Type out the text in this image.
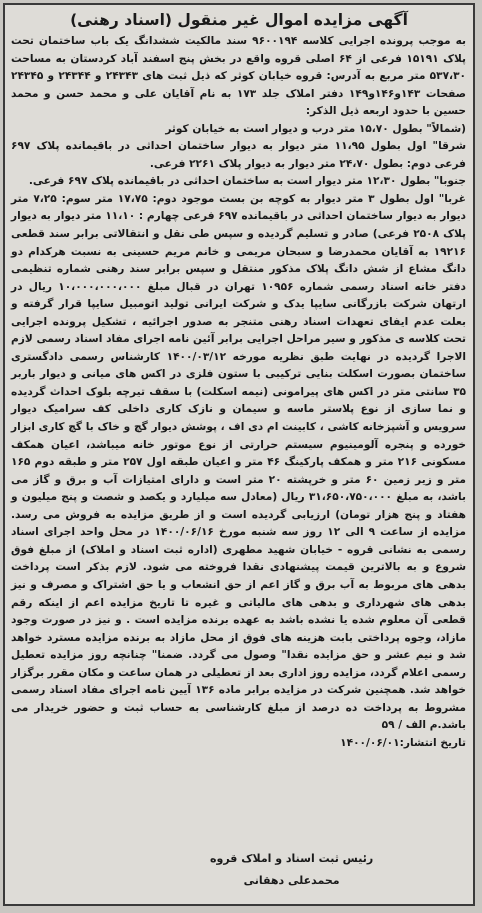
آگهی مزایده اموال غیر منقول (اسناد رهنی)

به موجب پرونده اجرایی کلاسه ۹۶۰۰۱۹۴ سند مالکیت ششدانگ یک باب ساختمان تحت پلاک ۱۵۱۹۱ فرعی از ۶۴ اصلی قروه واقع در بخش پنج اسفند آباد کردستان به مساحت ۵۳۷،۳۰ متر مربع به آدرس: قروه خیابان کوثر که ذیل ثبت های ۲۴۳۴۳ و ۲۴۳۴۴ و ۲۴۳۴۵ صفحات ۱۴۳و۱۴۶و۱۴۹ دفتر املاک جلد ۱۷۳ به نام آقایان علی و محمد حسن و محمد حسین با حدود اربعه ذیل الذکر:

(شمالاً" بطول ۱۵،۷۰ متر درب و دیوار است به خیابان کوثر

شرقا" اول بطول ۱۱،۹۵ متر دیوار به دیوار ساختمان احداثی در باقیمانده پلاک ۶۹۷ فرعی دوم: بطول ۲۴،۷۰ متر دیوار به دیوار پلاک ۲۲۶۱ فرعی.

جنوبا" بطول ۱۲،۳۰ متر دیوار است به ساختمان احداثی در باقیمانده پلاک ۶۹۷ فرعی.

غربا" اول بطول ۳ متر دیوار به کوچه بن بست موجود دوم: ۱۷،۷۵ متر سوم: ۷،۲۵ متر دیوار به دیوار ساختمان احداثی در باقیمانده ۶۹۷ فرعی چهارم : ۱۱،۱۰ متر دیوار به دیوار پلاک ۲۵۰۸ فرعی) صادر و تسلیم گردیده و سپس طی نقل و انتقالاتی برابر سند قطعی ۱۹۲۱۶ به آقایان محمدرضا و سبحان مریمی و خانم مریم حسینی به نسبت هرکدام دو دانگ مشاع از شش دانگ پلاک مذکور منتقل و سپس برابر سند رهنی شماره تنظیمی دفتر خانه اسناد رسمی شماره ۱۰۹۵۶ تهران در قبال مبلغ ۱۰،۰۰۰،۰۰۰،۰۰۰ ریال در ارتهان شرکت بازرگانی سایپا یدک و شرکت ایرانی تولید اتومبیل سایپا قرار گرفته و بعلت عدم ایفای تعهدات اسناد رهنی متنجر به صدور اجرائیه ، تشکیل پرونده اجرایی تحت کلاسه ی مذکور و سیر مراحل اجرایی برابر آئین نامه اجرای مفاد اسناد رسمی لازم الاجرا گردیده در نهایت طبق نظریه مورخه ۱۴۰۰/۰۳/۱۲ کارشناس رسمی دادگستری ساختمان بصورت اسکلت بنایی ترکیبی با ستون فلزی در اکس های میانی و دیوار باربر ۳۵ سانتی متر در اکس های پیرامونی (نیمه اسکلت) با سقف تیرچه بلوک احداث گردیده و نما سازی از نوع پلاستر ماسه و سیمان و نازک کاری داخلی کف سرامیک دیوار سرویس و آشپزخانه کاشی ، کابینت ام دی اف ، پوشش دیوار گچ و خاک با گچ کاری ابزار خورده و پنجره آلومینیوم سیستم حرارتی از نوع موتور خانه میباشد، اعیان همکف مسکونی ۲۱۶ متر و همکف پارکینگ ۴۶ متر و اعیان طبقه اول ۲۵۷ متر و طبقه دوم ۱۶۵ متر و زیر زمین ۶۰ متر و خرپشته ۲۰ متر است و دارای امتیازات آب و برق و گاز می باشد، به مبلغ ۳۱،۶۵۰،۷۵۰،۰۰۰ ریال (معادل سه میلیارد و یکصد و شصت و پنج میلیون و هفتاد و پنج هزار تومان) ارزیابی گردیده است و از طریق مزایده به فروش می رسد. مزایده از ساعت ۹ الی ۱۲ روز سه شنبه مورخ ۱۴۰۰/۰۶/۱۶ در محل واحد اجرای اسناد رسمی به نشانی قروه - خیابان شهید مطهری (اداره ثبت اسناد و املاک) از مبلغ فوق شروع و به بالاترین قیمت پیشنهادی نقدا فروخته می شود. لازم بذکر است پرداخت بدهی های مربوط به آب برق و گاز اعم از حق انشعاب و یا حق اشتراک و مصرف و نیز بدهی های شهرداری و بدهی های مالیاتی و غیره تا تاریخ مزایده اعم از اینکه رقم قطعی آن معلوم شده یا نشده باشد به عهده برنده مزایده است . و نیز در صورت وجود مازاد، وجوه پرداختی بابت هزینه های فوق از محل مازاد به برنده مزایده مسترد خواهد شد و نیم عشر و حق مزایده نقدا" وصول می گردد. ضمنا" چنانچه روز مزایده تعطیل رسمی اعلام گردد، مزایده روز اداری بعد از تعطیلی در همان ساعت و مکان مقرر برگزار خواهد شد. همچنین شرکت در مزایده برابر ماده ۱۳۶ آیین نامه اجرای مفاد اسناد رسمی مشروط به پرداخت ده درصد از مبلغ کارشناسی به حساب ثبت و حضور خریدار می باشد.م الف / ۵۹

تاریخ انتشار:۱۴۰۰/۰۶/۰۱

رئیس ثبت اسناد و املاک قروه
محمدعلی دهقانی
